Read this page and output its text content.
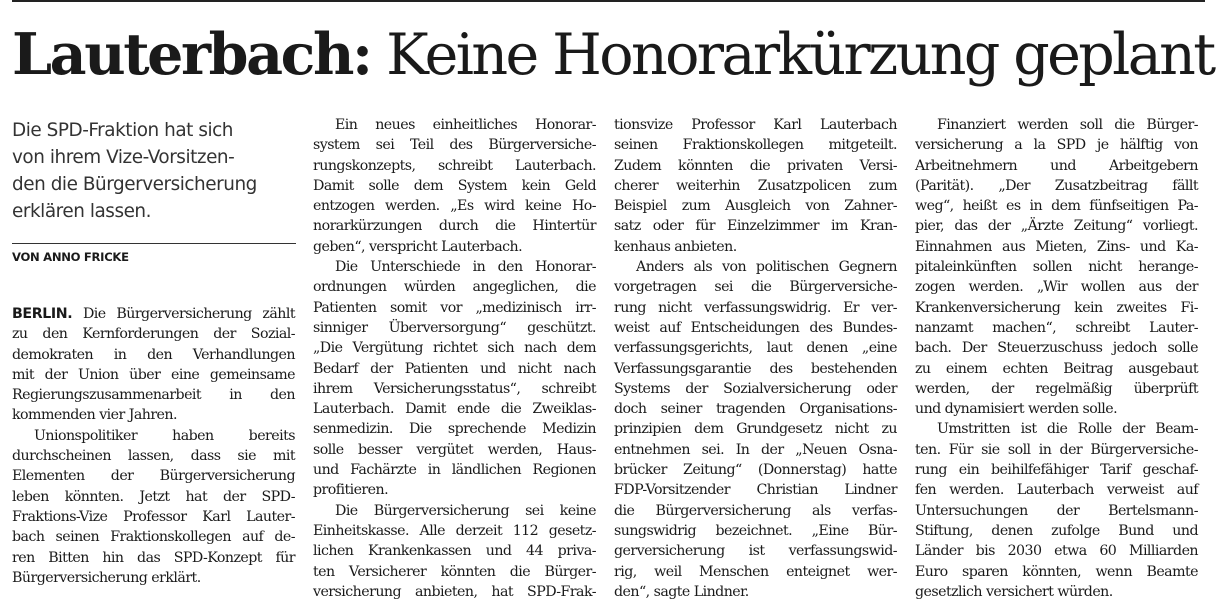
Lauterbach: Keine Honorarkürzung geplant
Die SPD-Fraktion hat sich
von ihrem Vize-Vorsitzen-
den die Bürgerversicherung
erklären lassen.
VON ANNO FRICKE
BERLIN. Die Bürgerversicherung zählt
zu den Kernforderungen der Sozial-
demokraten in den Verhandlungen
mit der Union über eine gemeinsame
Regierungszusammenarbeit in den
kommenden vier Jahren.
Unionspolitiker haben bereits
durchscheinen lassen, dass sie mit
Elementen der Bürgerversicherung
leben könnten. Jetzt hat der SPD-
Fraktions-Vize Professor Karl Lauter-
bach seinen Fraktionskollegen auf de-
ren Bitten hin das SPD-Konzept für
Bürgerversicherung erklärt.
Ein neues einheitliches Honorar-
system sei Teil des Bürgerversiche-
rungskonzepts, schreibt Lauterbach.
Damit solle dem System kein Geld
entzogen werden. „Es wird keine Ho-
norarkürzungen durch die Hintertür
geben“, verspricht Lauterbach.
Die Unterschiede in den Honorar-
ordnungen würden angeglichen, die
Patienten somit vor „medizinisch irr-
sinniger Überversorgung“ geschützt.
„Die Vergütung richtet sich nach dem
Bedarf der Patienten und nicht nach
ihrem Versicherungsstatus“, schreibt
Lauterbach. Damit ende die Zweiklas-
senmedizin. Die sprechende Medizin
solle besser vergütet werden, Haus-
und Fachärzte in ländlichen Regionen
profitieren.
Die Bürgerversicherung sei keine
Einheitskasse. Alle derzeit 112 gesetz-
lichen Krankenkassen und 44 priva-
ten Versicherer könnten die Bürger-
versicherung anbieten, hat SPD-Frak-
tionsvize Professor Karl Lauterbach
seinen Fraktionskollegen mitgeteilt.
Zudem könnten die privaten Versi-
cherer weiterhin Zusatzpolicen zum
Beispiel zum Ausgleich von Zahner-
satz oder für Einzelzimmer im Kran-
kenhaus anbieten.
Anders als von politischen Gegnern
vorgetragen sei die Bürgerversiche-
rung nicht verfassungswidrig. Er ver-
weist auf Entscheidungen des Bundes-
verfassungsgerichts, laut denen „eine
Verfassungsgarantie des bestehenden
Systems der Sozialversicherung oder
doch seiner tragenden Organisations-
prinzipien dem Grundgesetz nicht zu
entnehmen sei. In der „Neuen Osna-
brücker Zeitung“ (Donnerstag) hatte
FDP-Vorsitzender Christian Lindner
die Bürgerversicherung als verfas-
sungswidrig bezeichnet. „Eine Bür-
gerversicherung ist verfassungswid-
rig, weil Menschen enteignet wer-
den“, sagte Lindner.
Finanziert werden soll die Bürger-
versicherung a la SPD je hälftig von
Arbeitnehmern und Arbeitgebern
(Parität). „Der Zusatzbeitrag fällt
weg“, heißt es in dem fünfseitigen Pa-
pier, das der „Ärzte Zeitung“ vorliegt.
Einnahmen aus Mieten, Zins- und Ka-
pitaleinkünften sollen nicht herange-
zogen werden. „Wir wollen aus der
Krankenversicherung kein zweites Fi-
nanzamt machen“, schreibt Lauter-
bach. Der Steuerzuschuss jedoch solle
zu einem echten Beitrag ausgebaut
werden, der regelmäßig überprüft
und dynamisiert werden solle.
Umstritten ist die Rolle der Beam-
ten. Für sie soll in der Bürgerversiche-
rung ein beihilfefähiger Tarif geschaf-
fen werden. Lauterbach verweist auf
Untersuchungen der Bertelsmann-
Stiftung, denen zufolge Bund und
Länder bis 2030 etwa 60 Milliarden
Euro sparen könnten, wenn Beamte
gesetzlich versichert würden.
